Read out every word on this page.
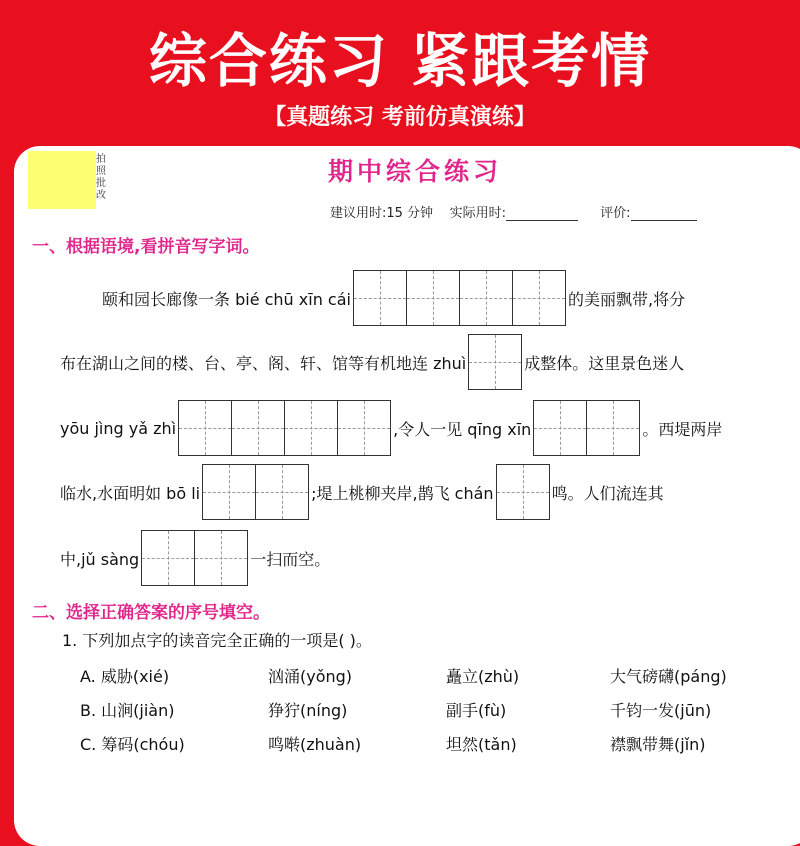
综合练习 紧跟考情
【真题练习 考前仿真演练】
拍照批改
期中综合练习
建议用时:15 分钟 实际用时:	评价:
一、根据语境,看拼音写字词。
颐和园长廊像一条 bié chū xīn cái	的美丽飘带,将分
布在湖山之间的楼、台、亭、阁、轩、馆等有机地连 zhuì	成整体。这里景色迷人
yōu jìng yǎ zhì	,令人一见 qīng xīn	。西堤两岸
临水,水面明如 bō li	;堤上桃柳夹岸,鹊飞 chán	鸣。人们流连其
中,jǔ sàng	一扫而空。
二、选择正确答案的序号填空。
1. 下列加点字的读音完全正确的一项是( )。
A. 威胁(xié)	汹涌(yǒng)	矗立(zhù)	大气磅礴(páng)
B. 山涧(jiàn)	狰狞(níng)	副手(fù)	千钧一发(jūn)
C. 筹码(chóu)	鸣啭(zhuàn)	坦然(tǎn)	襟飘带舞(jǐn)
